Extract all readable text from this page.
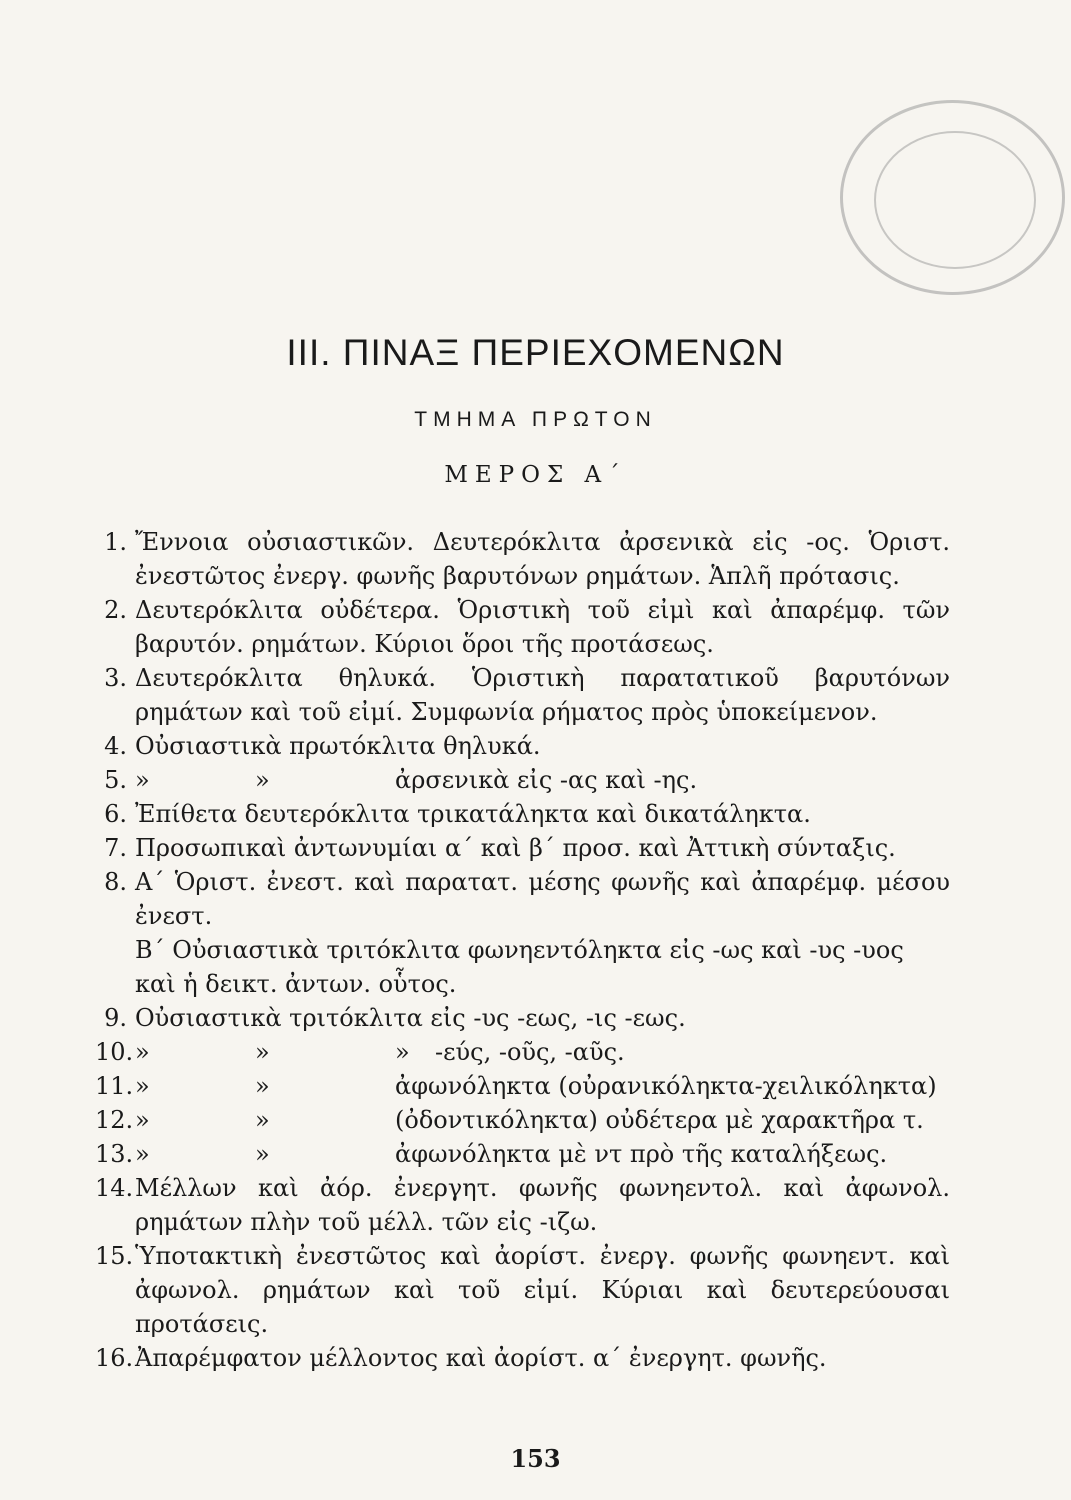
III. ΠΙΝΑΞ ΠΕΡΙΕΧΟΜΕΝΩΝ
ΤΜΗΜΑ ΠΡΩΤΟΝ
ΜΕΡΟΣ Α΄
1. Ἔννοια οὐσιαστικῶν. Δευτερόκλιτα ἀρσενικὰ εἰς -ος. Ὁριστ. ἐνεστῶτος ἐνεργ. φωνῆς βαρυτόνων ρημάτων. Ἁπλῆ πρότασις.
2. Δευτερόκλιτα οὐδέτερα. Ὁριστικὴ τοῦ εἰμὶ καὶ ἀπαρέμφ. τῶν βαρυτόν. ρημάτων. Κύριοι ὅροι τῆς προτάσεως.
3. Δευτερόκλιτα θηλυκά. Ὁριστικὴ παρατατικοῦ βαρυτόνων ρημάτων καὶ τοῦ εἰμί. Συμφωνία ρήματος πρὸς ὑποκείμενον.
4. Οὐσιαστικὰ πρωτόκλιτα θηλυκά.
5. »	»	ἀρσενικὰ εἰς -ας καὶ -ης.
6. Ἐπίθετα δευτερόκλιτα τρικατάληκτα καὶ δικατάληκτα.
7. Προσωπικαὶ ἀντωνυμίαι α΄ καὶ β΄ προσ. καὶ Ἀττικὴ σύνταξις.
8. Α΄ Ὁριστ. ἐνεστ. καὶ παρατατ. μέσης φωνῆς καὶ ἀπαρέμφ. μέσου ἐνεστ.
Β΄ Οὐσιαστικὰ τριτόκλιτα φωνηεντόληκτα εἰς -ως καὶ -υς -υος καὶ ἡ δεικτ. ἀντων. οὗτος.
9. Οὐσιαστικὰ τριτόκλιτα εἰς -υς -εως, -ις -εως.
10. »	»	» -εύς, -οῦς, -αῦς.
11. »	»	ἀφωνόληκτα (οὐρανικόληκτα-χειλικόληκτα)
12. »	»	(ὀδοντικόληκτα) οὐδέτερα μὲ χαρακτῆρα τ.
13. »	»	ἀφωνόληκτα μὲ ντ πρὸ τῆς καταλήξεως.
14. Μέλλων καὶ ἀόρ. ἐνεργητ. φωνῆς φωνηεντολ. καὶ ἀφωνολ. ρημάτων πλὴν τοῦ μέλλ. τῶν εἰς -ιζω.
15. Ὑποτακτικὴ ἐνεστῶτος καὶ ἀορίστ. ἐνεργ. φωνῆς φωνηεντ. καὶ ἀφωνολ. ρημάτων καὶ τοῦ εἰμί. Κύριαι καὶ δευτερεύουσαι προτάσεις.
16. Ἀπαρέμφατον μέλλοντος καὶ ἀορίστ. α΄ ἐνεργητ. φωνῆς.
153
